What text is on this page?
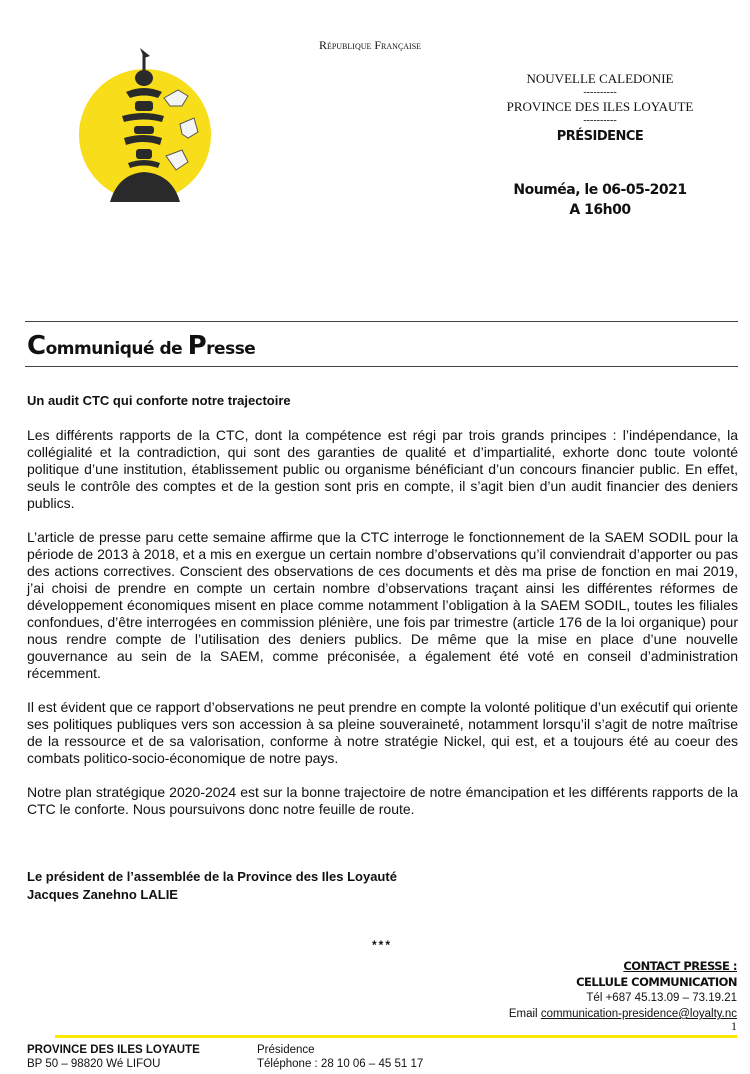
République Française
NOUVELLE CALEDONIE
----------
PROVINCE DES ILES LOYAUTE
----------
PRÉSIDENCE
Nouméa, le 06-05-2021
A 16h00
Communiqué de Presse
Un audit CTC qui conforte notre trajectoire

Les différents rapports de la CTC, dont la compétence est régi par trois grands principes : l’indépendance, la collégialité et la contradiction, qui sont des garanties de qualité et d’impartialité, exhorte donc toute volonté politique d’une institution, établissement public ou organisme bénéficiant d’un concours financier public. En effet, seuls le contrôle des comptes et de la gestion sont pris en compte, il s’agit bien d’un audit financier des deniers publics.

L’article de presse paru cette semaine affirme que la CTC interroge le fonctionnement de la SAEM SODIL pour la période de 2013 à 2018, et a mis en exergue un certain nombre d’observations qu’il conviendrait d’apporter ou pas des actions correctives. Conscient des observations de ces documents et dès ma prise de fonction en mai 2019, j’ai choisi de prendre en compte un certain nombre d’observations traçant ainsi les différentes réformes de développement économiques misent en place comme notamment l’obligation à la SAEM SODIL, toutes les filiales confondues, d’être interrogées en commission plénière, une fois par trimestre (article 176 de la loi organique) pour nous rendre compte de l’utilisation des deniers publics. De même que la mise en place d’une nouvelle gouvernance au sein de la SAEM, comme préconisée, a également été voté en conseil d’administration récemment.

Il est évident que ce rapport d’observations ne peut prendre en compte la volonté politique d’un exécutif qui oriente ses politiques publiques vers son accession à sa pleine souveraineté, notamment lorsqu’il s’agit de notre maîtrise de la ressource et de sa valorisation, conforme à notre stratégie Nickel, qui est, et a toujours été au coeur des combats politico-socio-économique de notre pays.

Notre plan stratégique 2020-2024 est sur la bonne trajectoire de notre émancipation et les différents rapports de la CTC le conforte. Nous poursuivons donc notre feuille de route.

Le président de l’assemblée de la Province des Iles Loyauté
Jacques Zanehno LALIE
***
CONTACT PRESSE :
CELLULE COMMUNICATION
Tél +687 45.13.09 – 73.19.21
Email communication-presidence@loyalty.nc
1
PROVINCE DES ILES LOYAUTE
BP 50 – 98820 Wé LIFOU
Présidence
Téléphone : 28 10 06 – 45 51 17
